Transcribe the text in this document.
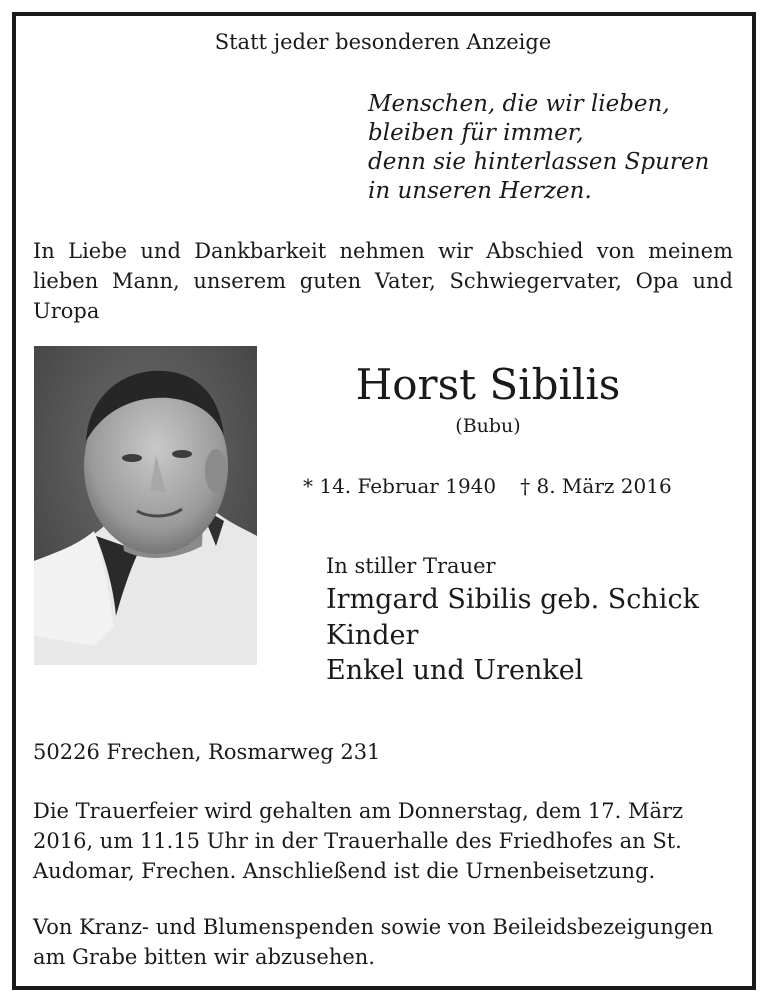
Statt jeder besonderen Anzeige
Menschen, die wir lieben,
bleiben für immer,
denn sie hinterlassen Spuren
in unseren Herzen.
In Liebe und Dankbarkeit nehmen wir Abschied von meinem lieben Mann, unserem guten Vater, Schwiegervater, Opa und Uropa
Horst Sibilis
(Bubu)
* 14. Februar 1940 † 8. März 2016
In stiller Trauer
Irmgard Sibilis geb. Schick
Kinder
Enkel und Urenkel
50226 Frechen, Rosmarweg 231
Die Trauerfeier wird gehalten am Donnerstag, dem 17. März 2016, um 11.15 Uhr in der Trauerhalle des Friedhofes an St. Audomar, Frechen. Anschließend ist die Urnenbeisetzung.
Von Kranz- und Blumenspenden sowie von Beileidsbezeigungen am Grabe bitten wir abzusehen.
